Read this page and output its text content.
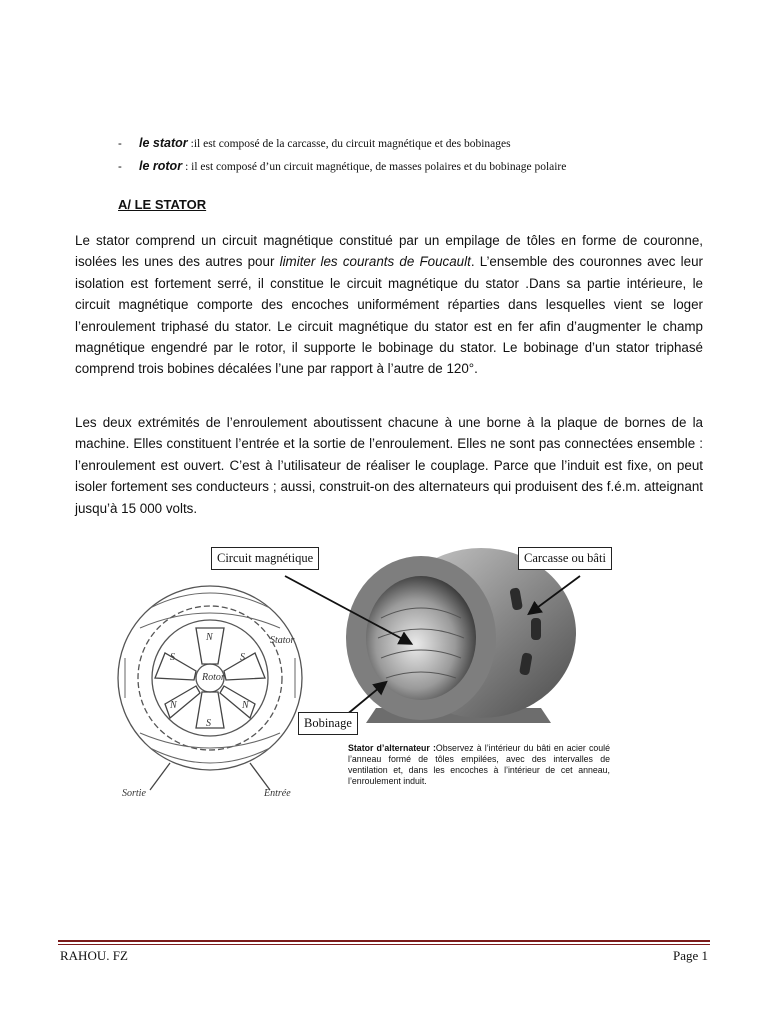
-	le stator :il est composé de la carcasse, du circuit magnétique et des bobinages
-	le rotor : il est composé d’un circuit magnétique, de masses polaires et du bobinage polaire
A/ LE STATOR
Le stator comprend un circuit magnétique constitué par un empilage de tôles en forme de couronne, isolées les unes des autres pour limiter les courants de Foucault. L’ensemble des couronnes avec leur isolation est fortement serré, il constitue le circuit magnétique du stator .Dans sa partie intérieure, le circuit magnétique comporte des encoches uniformément réparties dans lesquelles vient se loger l’enroulement triphasé du stator. Le circuit magnétique du stator est en fer afin d’augmenter le champ magnétique engendré par le rotor, il supporte le bobinage du stator. Le bobinage d’un stator triphasé comprend trois bobines décalées l’une par rapport à l’autre de 120°.
Les deux extrémités de l’enroulement aboutissent chacune à une borne à la plaque de bornes de la machine. Elles constituent l’entrée et la sortie de l’enroulement. Elles ne sont pas connectées ensemble : l’enroulement est ouvert. C’est à l’utilisateur de réaliser le couplage. Parce que l’induit est fixe, on peut isoler fortement ses conducteurs ; aussi, construit-on des alternateurs qui produisent des f.é.m. atteignant jusqu’à 15 000 volts.
Rotor
Stator
Sortie	Entrée
N
S
N
S
N
S
Circuit magnétique	Carcasse ou bâti
Bobinage
Stator d’alternateur :Observez à l’intérieur du bâti en acier coulé l’anneau formé de tôles empilées, avec des intervalles de ventilation et, dans les encoches à l’intérieur de cet anneau, l’enroulement induit.
RAHOU. FZ	Page 1
